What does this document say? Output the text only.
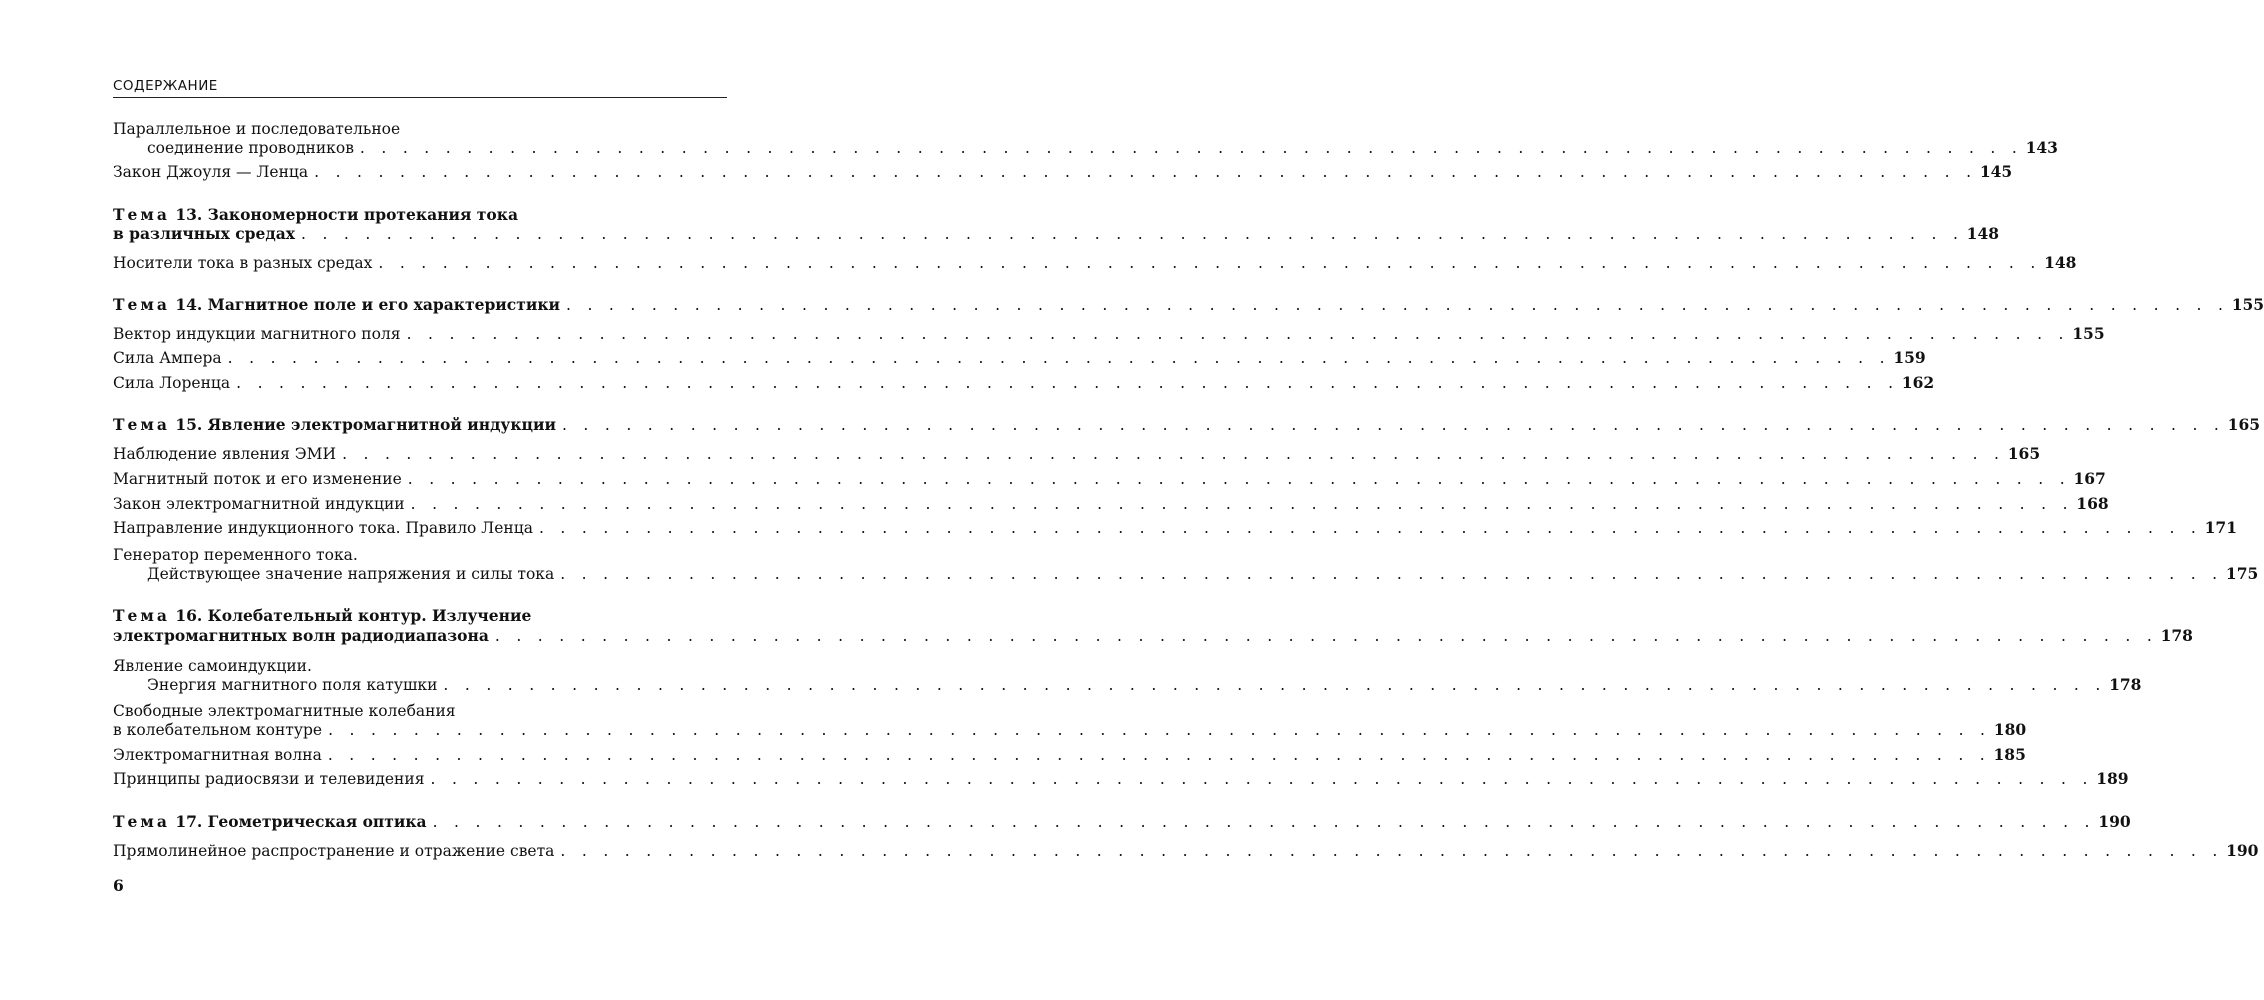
СОДЕРЖАНИЕ
Параллельное и последовательное
соединение проводников . . . . . . . . . . . . . . . . . . . . . . . . . . . . . . . . . . . . . . . . . . . . . . . . . . . . . . . . . . . . . . . . . . . . . . . . . . . . . . 143
Закон Джоуля — Ленца . . . . . . . . . . . . . . . . . . . . . . . . . . . . . . . . . . . . . . . . . . . . . . . . . . . . . . . . . . . . . . . . . . . . . . . . . . . . . . 145
Тема 13. Закономерности протекания тока
в различных средах . . . . . . . . . . . . . . . . . . . . . . . . . . . . . . . . . . . . . . . . . . . . . . . . . . . . . . . . . . . . . . . . . . . . . . . . . . . . . . 148
Носители тока в разных средах . . . . . . . . . . . . . . . . . . . . . . . . . . . . . . . . . . . . . . . . . . . . . . . . . . . . . . . . . . . . . . . . . . . . . . . . . . . . . . 148
Тема 14. Магнитное поле и его характеристики . . . . . . . . . . . . . . . . . . . . . . . . . . . . . . . . . . . . . . . . . . . . . . . . . . . . . . . . . . . . . . . . . . . . . . . . . . . . . . 155
Вектор индукции магнитного поля . . . . . . . . . . . . . . . . . . . . . . . . . . . . . . . . . . . . . . . . . . . . . . . . . . . . . . . . . . . . . . . . . . . . . . . . . . . . . . 155
Сила Ампера . . . . . . . . . . . . . . . . . . . . . . . . . . . . . . . . . . . . . . . . . . . . . . . . . . . . . . . . . . . . . . . . . . . . . . . . . . . . . . 159
Сила Лоренца . . . . . . . . . . . . . . . . . . . . . . . . . . . . . . . . . . . . . . . . . . . . . . . . . . . . . . . . . . . . . . . . . . . . . . . . . . . . . . 162
Тема 15. Явление электромагнитной индукции . . . . . . . . . . . . . . . . . . . . . . . . . . . . . . . . . . . . . . . . . . . . . . . . . . . . . . . . . . . . . . . . . . . . . . . . . . . . . . 165
Наблюдение явления ЭМИ . . . . . . . . . . . . . . . . . . . . . . . . . . . . . . . . . . . . . . . . . . . . . . . . . . . . . . . . . . . . . . . . . . . . . . . . . . . . . . 165
Магнитный поток и его изменение . . . . . . . . . . . . . . . . . . . . . . . . . . . . . . . . . . . . . . . . . . . . . . . . . . . . . . . . . . . . . . . . . . . . . . . . . . . . . . 167
Закон электромагнитной индукции . . . . . . . . . . . . . . . . . . . . . . . . . . . . . . . . . . . . . . . . . . . . . . . . . . . . . . . . . . . . . . . . . . . . . . . . . . . . . . 168
Направление индукционного тока. Правило Ленца . . . . . . . . . . . . . . . . . . . . . . . . . . . . . . . . . . . . . . . . . . . . . . . . . . . . . . . . . . . . . . . . . . . . . . . . . . . . . . 171
Генератор переменного тока.
Действующее значение напряжения и силы тока . . . . . . . . . . . . . . . . . . . . . . . . . . . . . . . . . . . . . . . . . . . . . . . . . . . . . . . . . . . . . . . . . . . . . . . . . . . . . . 175
Тема 16. Колебательный контур. Излучение
электромагнитных волн радиодиапазона . . . . . . . . . . . . . . . . . . . . . . . . . . . . . . . . . . . . . . . . . . . . . . . . . . . . . . . . . . . . . . . . . . . . . . . . . . . . . . 178
Явление самоиндукции.
Энергия магнитного поля катушки . . . . . . . . . . . . . . . . . . . . . . . . . . . . . . . . . . . . . . . . . . . . . . . . . . . . . . . . . . . . . . . . . . . . . . . . . . . . . . 178
Свободные электромагнитные колебания
в колебательном контуре . . . . . . . . . . . . . . . . . . . . . . . . . . . . . . . . . . . . . . . . . . . . . . . . . . . . . . . . . . . . . . . . . . . . . . . . . . . . . . 180
Электромагнитная волна . . . . . . . . . . . . . . . . . . . . . . . . . . . . . . . . . . . . . . . . . . . . . . . . . . . . . . . . . . . . . . . . . . . . . . . . . . . . . . 185
Принципы радиосвязи и телевидения . . . . . . . . . . . . . . . . . . . . . . . . . . . . . . . . . . . . . . . . . . . . . . . . . . . . . . . . . . . . . . . . . . . . . . . . . . . . . . 189
Тема 17. Геометрическая оптика . . . . . . . . . . . . . . . . . . . . . . . . . . . . . . . . . . . . . . . . . . . . . . . . . . . . . . . . . . . . . . . . . . . . . . . . . . . . . . 190
Прямолинейное распространение и отражение света . . . . . . . . . . . . . . . . . . . . . . . . . . . . . . . . . . . . . . . . . . . . . . . . . . . . . . . . . . . . . . . . . . . . . . . . . . . . . . 190
6
